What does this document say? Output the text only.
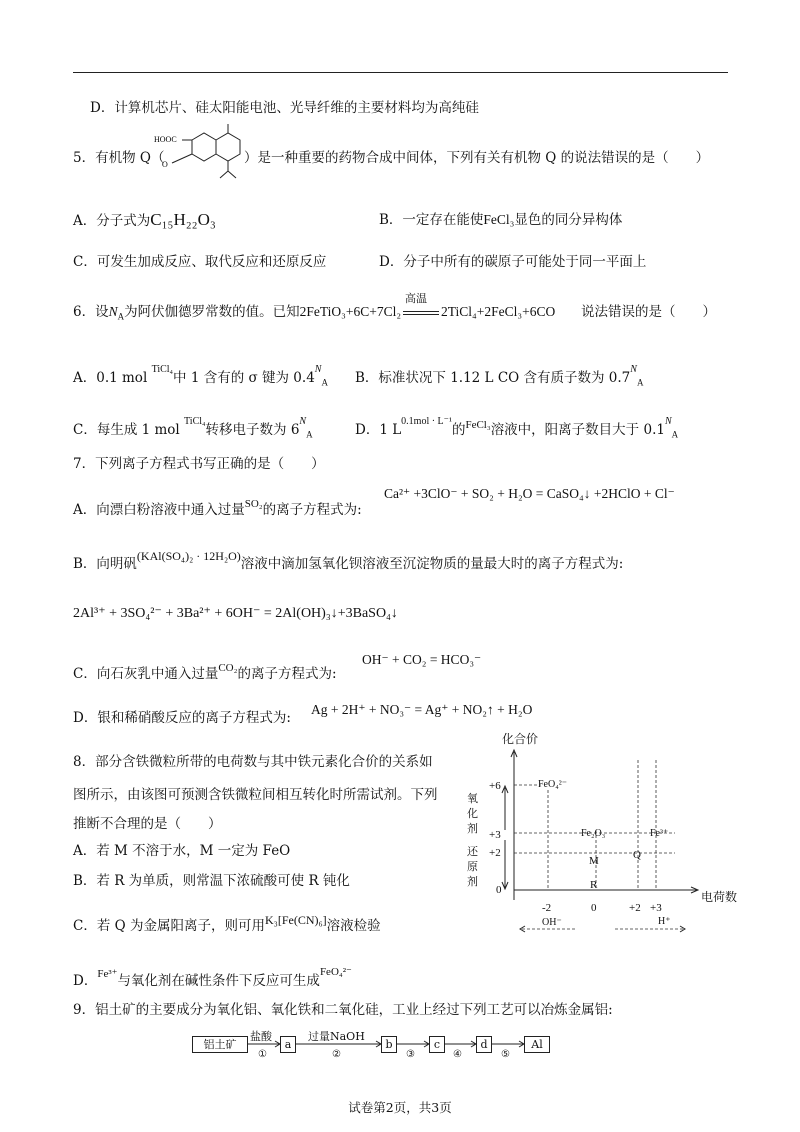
D．计算机芯片、硅太阳能电池、光导纤维的主要材料均为高纯硅
5．有机物 Q（
HOOC
O	）是一种重要的药物合成中间体，下列有关有机物 Q 的说法错误的是（　　）
A．分子式为C₁₅H₂₂O₃	B．一定存在能使FeCl₃显色的同分异构体
C．可发生加成反应、取代反应和还原反应	D．分子中所有的碳原子可能处于同一平面上
6．设$N_A$为阿伏伽德罗常数的值。已知2FeTiO₃+6C+7Cl₂
高温
2TiCl₄+2FeCl₃+6CO 说法错误的是（　　）
A．0.1 mol $^{TiCl_4}$中 1 含有的 σ 键为 $0.4^N_A$ B．标准状况下 1.12 L CO 含有质子数为 $0.7^N_A$
C．每生成 1 mol $^{TiCl_4}$转移电子数为 $6^N_A$	D．1 $L^{0.1mol \cdot L^{-1}}$的$^{FeCl_3}$溶液中，阳离子数目大于 $0.1^N_A$
7．下列离子方程式书写正确的是（　　）
A．向漂白粉溶液中通入过量$^{SO_2}$的离子方程式为:
Ca²⁺ +3ClO⁻ + SO₂ + H₂O = CaSO₄↓ +2HClO + Cl⁻
B．向明矾(KAl(SO₄)₂ · 12H₂O)溶液中滴加氢氧化钡溶液至沉淀物质的量最大时的离子方程式为:
2Al³⁺ + 3SO₄²⁻ + 3Ba²⁺ + 6OH⁻ = 2Al(OH)₃↓+3BaSO₄↓
C．向石灰乳中通入过量$^{CO_2}$的离子方程式为:
OH⁻ + CO₂ = HCO₃⁻
D．银和稀硝酸反应的离子方程式为:
Ag + 2H⁺ + NO₃⁻ = Ag⁺ + NO₂↑ + H₂O
8．部分含铁微粒所带的电荷数与其中铁元素化合价的关系如
图所示，由该图可预测含铁微粒间相互转化时所需试剂。下列
推断不合理的是（　　）
A．若 M 不溶于水，M 一定为 FeO
B．若 R 为单质，则常温下浓硫酸可使 R 钝化
C．若 Q 为金属阳离子，则可用K₃[Fe(CN)₆]溶液检验
D．$^{Fe^{3+}}$与氧化剂在碱性条件下反应可生成$^{FeO_4^{2-}}$
化合价
电荷数
氧
化
剂
还
原
剂
+6
+3
+2
0
-2	0	+2 +3
FeO₄²⁻
Fe₂O₃	Fe³⁺
M	Q
R
OH⁻	H⁺
9．铝土矿的主要成分为氧化铝、氧化铁和二氧化硅，工业上经过下列工艺可以冶炼金属铝:
铝土矿	a	b	c	d	Al
盐酸
①
过量NaOH
②	③	④	⑤
试卷第2页，共3页
